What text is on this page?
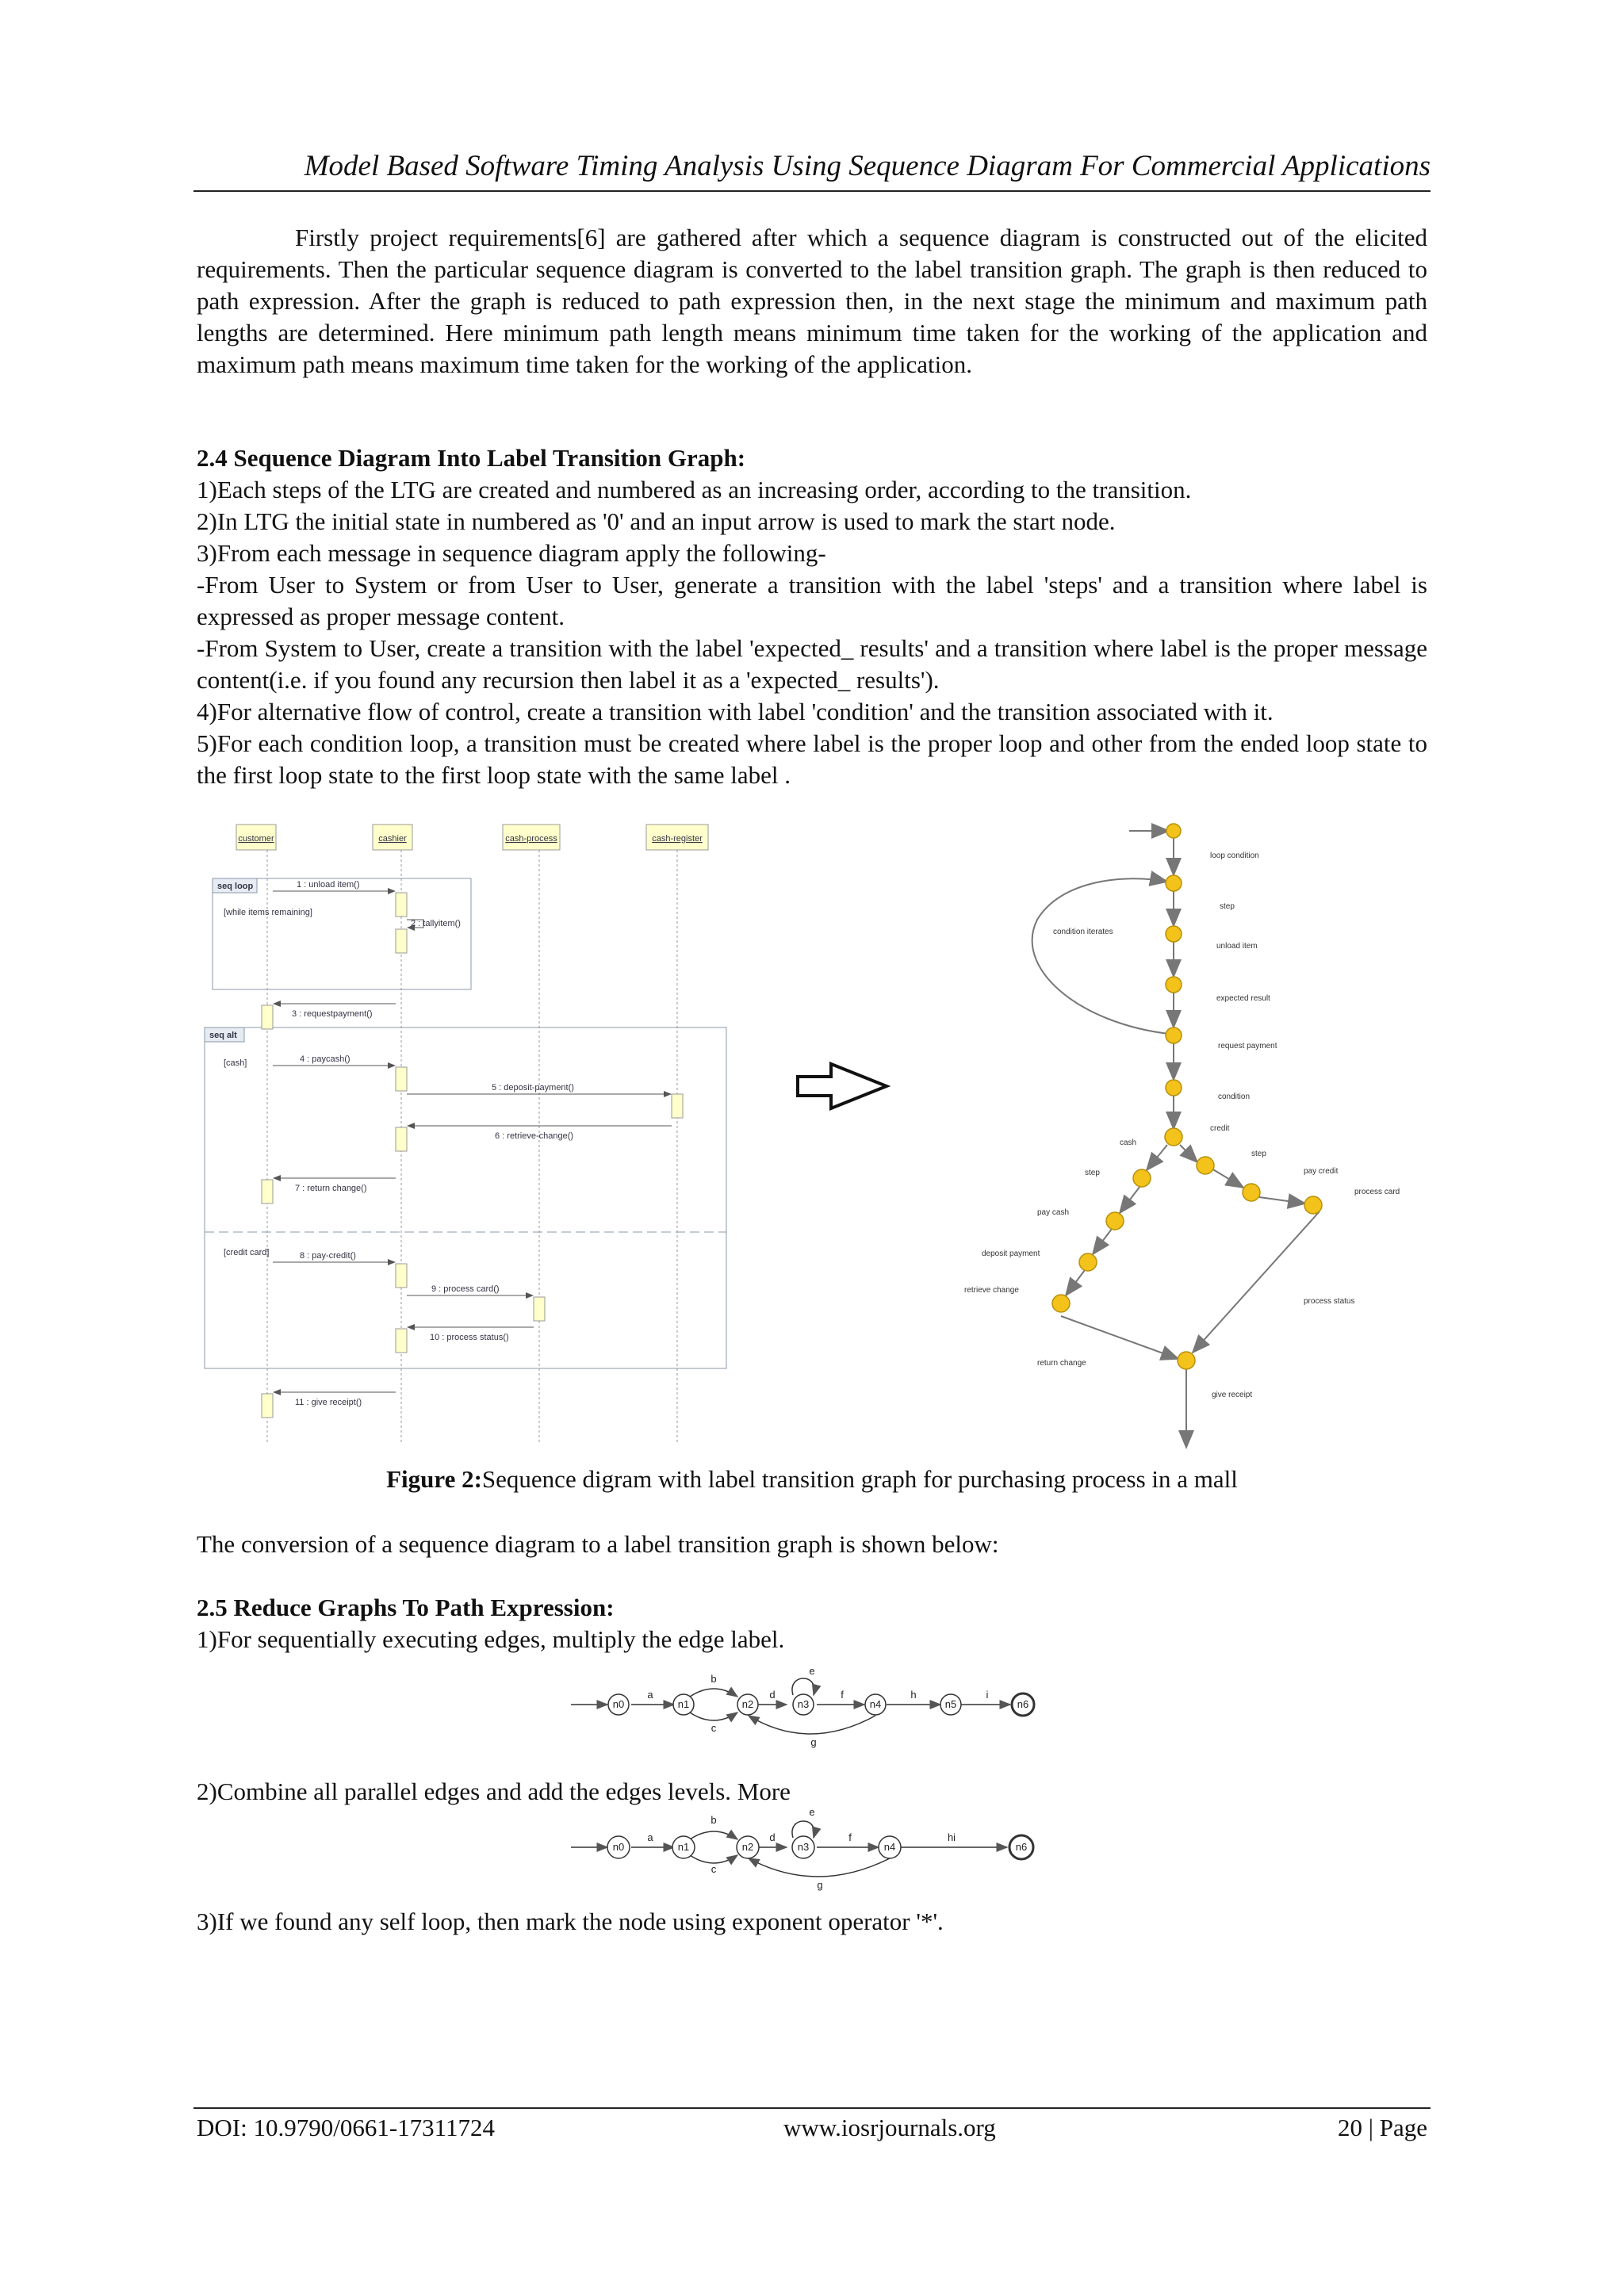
Model Based Software Timing Analysis Using Sequence Diagram For Commercial Applications
Firstly project requirements[6] are gathered after which a sequence diagram is constructed out of the elicited requirements. Then the particular sequence diagram is converted to the label transition graph. The graph is then reduced to path expression. After the graph is reduced to path expression then, in the next stage the minimum and maximum path lengths are determined. Here minimum path length means minimum time taken for the working of the application and maximum path means maximum time taken for the working of the application.
2.4 Sequence Diagram Into Label Transition Graph:
1)Each steps of the LTG are created and numbered as an increasing order, according to the transition.
2)In LTG the initial state in numbered as '0' and an input arrow is used to mark the start node.
3)From each message in sequence diagram apply the following-
-From User to System or from User to User, generate a transition with the label 'steps' and a transition where label is expressed as proper message content.
-From System to User, create a transition with the label 'expected_ results' and a transition where label is the proper message content(i.e. if you found any recursion then label it as a 'expected_ results').
4)For alternative flow of control, create a transition with label 'condition' and the transition associated with it.
5)For each condition loop, a transition must be created where label is the proper loop and other from the ended loop state to the first loop state to the first loop state with the same label .
customer	cashier	cash-process	cash-register
seq loop
[while items remaining]
seq alt
[cash]
[credit card]
1 : unload item()
2 : tallyitem()
3 : requestpayment()
4 : paycash()
5 : deposit-payment()
6 : retrieve-change()
7 : return change()
8 : pay-credit()
9 : process card()
10 : process status()
11 : give receipt()
loop condition
step
condition iterates
unload item
expected result
request payment
condition
credit
cash
step
step
pay credit
process card
pay cash
deposit payment
retrieve change
process status
return change
give receipt
Figure 2:Sequence digram with label transition graph for purchasing process in a mall
The conversion of a sequence diagram to a label transition graph is shown below:
2.5 Reduce Graphs To Path Expression:
1)For sequentially executing edges, multiply the edge label.
n0	n1	n2	n3	n4	n5	n6
a
b
c
d
e
f
g
h	i
2)Combine all parallel edges and add the edges levels. More
n0	n1	n2	n3	n4	n6
a
b
c
d
e
f
g
hi
3)If we found any self loop, then mark the node using exponent operator '*'.
DOI: 10.9790/0661-17311724	www.iosrjournals.org	20 | Page
